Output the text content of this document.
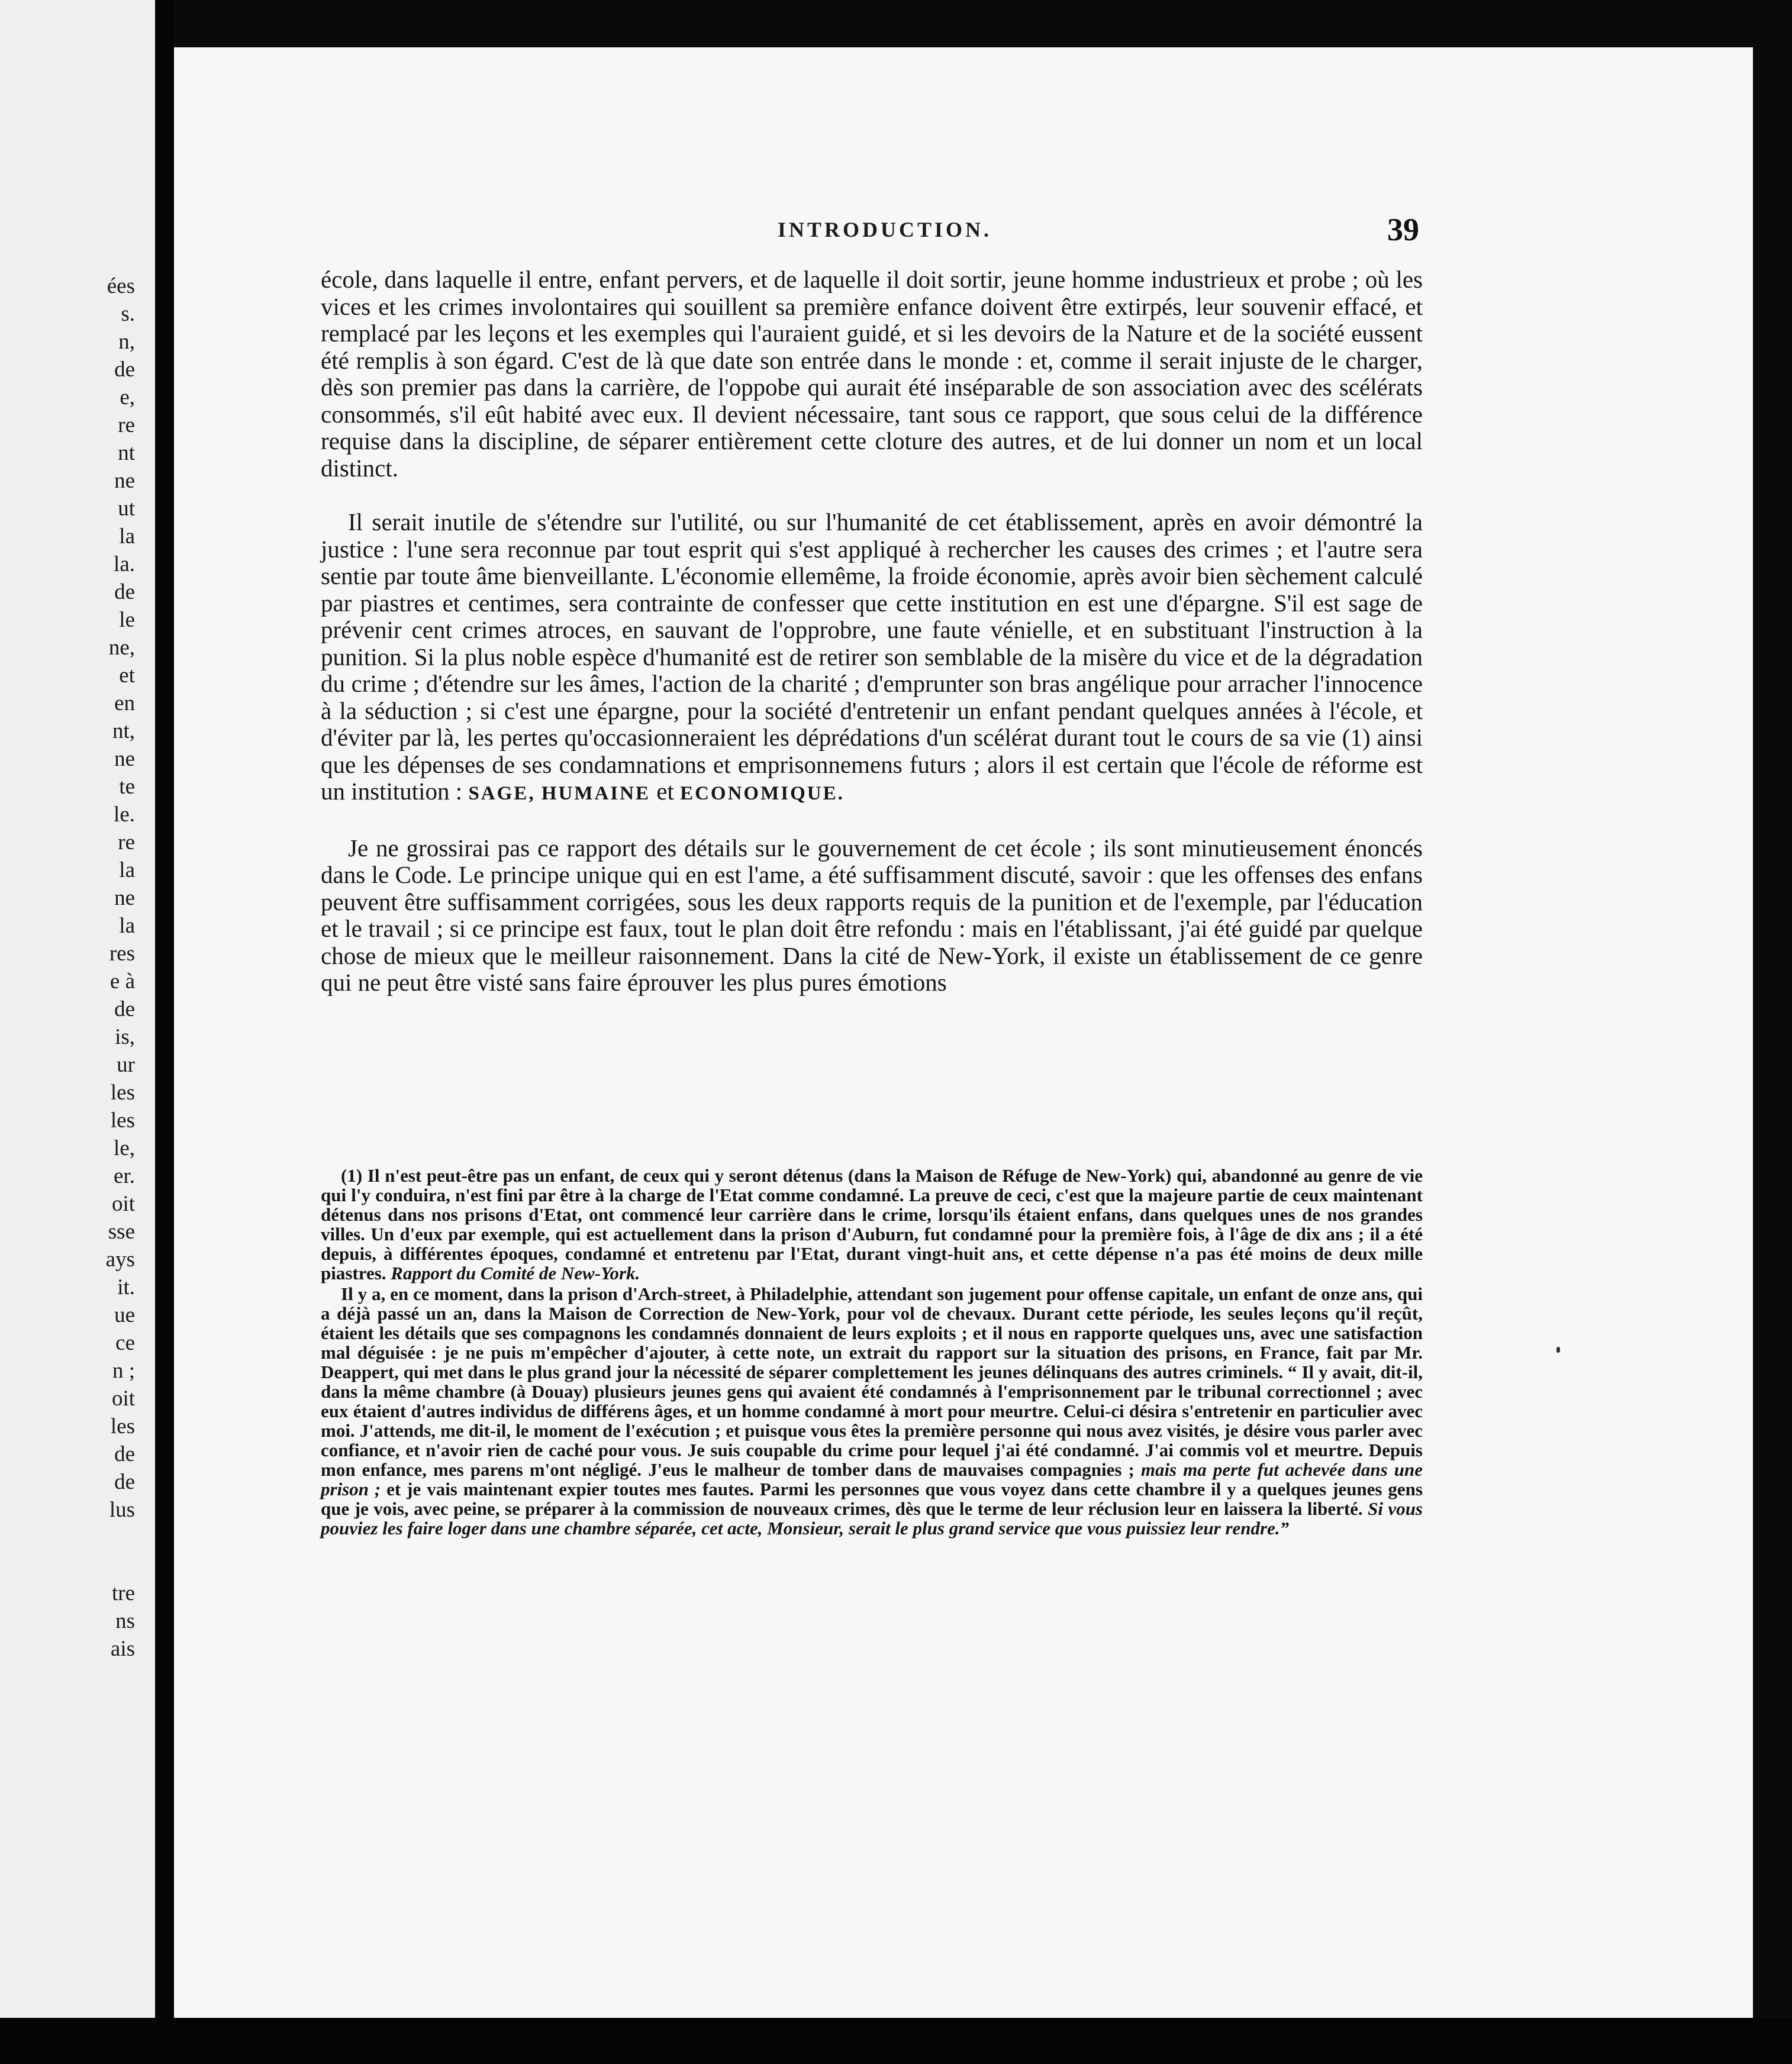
ées
s.
n,
de
e,
re
nt
ne
ut
la
la.
de
le
ne,
et
en
nt,
ne
te
le.
re
la
ne
la
res
e à
de
is,
ur
les
les
le,
er.
oit
sse
ays
it.
ue
ce
n ;
oit
les
de
de
lus
tre
ns
ais
INTRODUCTION.	39

école, dans laquelle il entre, enfant pervers, et de laquelle il doit sortir, jeune homme industrieux et probe ; où les vices et les crimes involontaires qui souillent sa première enfance doivent être extirpés, leur souvenir effacé, et remplacé par les leçons et les exemples qui l'auraient guidé, et si les devoirs de la Nature et de la société eussent été remplis à son égard. C'est de là que date son entrée dans le monde : et, comme il serait injuste de le charger, dès son premier pas dans la carrière, de l'oppobe qui aurait été inséparable de son association avec des scélérats consommés, s'il eût habité avec eux. Il devient nécessaire, tant sous ce rapport, que sous celui de la différence requise dans la discipline, de séparer entièrement cette cloture des autres, et de lui donner un nom et un local distinct.

Il serait inutile de s'étendre sur l'utilité, ou sur l'humanité de cet établissement, après en avoir démontré la justice : l'une sera reconnue par tout esprit qui s'est appliqué à rechercher les causes des crimes ; et l'autre sera sentie par toute âme bienveillante. L'économie ellemême, la froide économie, après avoir bien sèchement calculé par piastres et centimes, sera contrainte de confesser que cette institution en est une d'épargne. S'il est sage de prévenir cent crimes atroces, en sauvant de l'opprobre, une faute vénielle, et en substituant l'instruction à la punition. Si la plus noble espèce d'humanité est de retirer son semblable de la misère du vice et de la dégradation du crime ; d'étendre sur les âmes, l'action de la charité ; d'emprunter son bras angélique pour arracher l'innocence à la séduction ; si c'est une épargne, pour la société d'entretenir un enfant pendant quelques années à l'école, et d'éviter par là, les pertes qu'occasionneraient les déprédations d'un scélérat durant tout le cours de sa vie (1) ainsi que les dépenses de ses condamnations et emprisonnemens futurs ; alors il est certain que l'école de réforme est un institution : SAGE, HUMAINE et ECONOMIQUE.

Je ne grossirai pas ce rapport des détails sur le gouvernement de cet école ; ils sont minutieusement énoncés dans le Code. Le principe unique qui en est l'ame, a été suffisamment discuté, savoir : que les offenses des enfans peuvent être suffisamment corrigées, sous les deux rapports requis de la punition et de l'exemple, par l'éducation et le travail ; si ce principe est faux, tout le plan doit être refondu : mais en l'établissant, j'ai été guidé par quelque chose de mieux que le meilleur raisonnement. Dans la cité de New-York, il existe un établissement de ce genre qui ne peut être visté sans faire éprouver les plus pures émotions

(1) Il n'est peut-être pas un enfant, de ceux qui y seront détenus (dans la Maison de Réfuge de New-York) qui, abandonné au genre de vie qui l'y conduira, n'est fini par être à la charge de l'Etat comme condamné. La preuve de ceci, c'est que la majeure partie de ceux maintenant détenus dans nos prisons d'Etat, ont commencé leur carrière dans le crime, lorsqu'ils étaient enfans, dans quelques unes de nos grandes villes. Un d'eux par exemple, qui est actuellement dans la prison d'Auburn, fut condamné pour la première fois, à l'âge de dix ans ; il a été depuis, à différentes époques, condamné et entretenu par l'Etat, durant vingt-huit ans, et cette dépense n'a pas été moins de deux mille piastres. Rapport du Comité de New-York.

Il y a, en ce moment, dans la prison d'Arch-street, à Philadelphie, attendant son jugement pour offense capitale, un enfant de onze ans, qui a déjà passé un an, dans la Maison de Correction de New-York, pour vol de chevaux. Durant cette période, les seules leçons qu'il reçût, étaient les détails que ses compagnons les condamnés donnaient de leurs exploits ; et il nous en rapporte quelques uns, avec une satisfaction mal déguisée : je ne puis m'empêcher d'ajouter, à cette note, un extrait du rapport sur la situation des prisons, en France, fait par Mr. Deappert, qui met dans le plus grand jour la nécessité de séparer complettement les jeunes délinquans des autres criminels. “ Il y avait, dit-il, dans la même chambre (à Douay) plusieurs jeunes gens qui avaient été condamnés à l'emprisonnement par le tribunal correctionnel ; avec eux étaient d'autres individus de différens âges, et un homme condamné à mort pour meurtre. Celui-ci désira s'entretenir en particulier avec moi. J'attends, me dit-il, le moment de l'exécution ; et puisque vous êtes la première personne qui nous avez visités, je désire vous parler avec confiance, et n'avoir rien de caché pour vous. Je suis coupable du crime pour lequel j'ai été condamné. J'ai commis vol et meurtre. Depuis mon enfance, mes parens m'ont négligé. J'eus le malheur de tomber dans de mauvaises compagnies ; mais ma perte fut achevée dans une prison ; et je vais maintenant expier toutes mes fautes. Parmi les personnes que vous voyez dans cette chambre il y a quelques jeunes gens que je vois, avec peine, se préparer à la commission de nouveaux crimes, dès que le terme de leur réclusion leur en laissera la liberté. Si vous pouviez les faire loger dans une chambre séparée, cet acte, Monsieur, serait le plus grand service que vous puissiez leur rendre.”
